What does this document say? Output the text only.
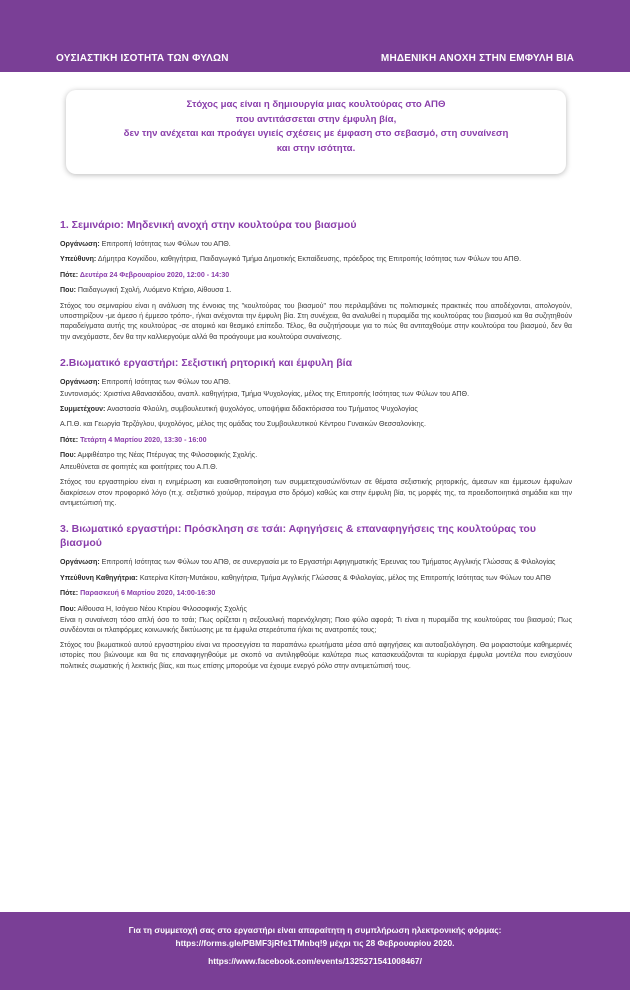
ΟΥΣΙΑΣΤΙΚΗ ΙΣΟΤΗΤΑ ΤΩΝ ΦΥΛΩΝ	ΜΗΔΕΝΙΚΗ ΑΝΟΧΗ ΣΤΗΝ ΕΜΦΥΛΗ ΒΙΑ
Στόχος μας είναι η δημιουργία μιας κουλτούρας στο ΑΠΘ
που αντιτάσσεται στην έμφυλη βία,
δεν την ανέχεται και προάγει υγιείς σχέσεις με έμφαση στο σεβασμό, στη συναίνεση
και στην ισότητα.
1. Σεμινάριο: Μηδενική ανοχή στην κουλτούρα του βιασμού
Οργάνωση: Επιτροπή Ισότητας των Φύλων του ΑΠΘ.
Υπεύθυνη: Δήμητρα Κογκίδου, καθηγήτρια, Παιδαγωγικό Τμήμα Δημοτικής Εκπαίδευσης, πρόεδρος της Επιτροπής Ισότητας των Φύλων του ΑΠΘ.
Πότε: Δευτέρα 24 Φεβρουαρίου 2020, 12:00 - 14:30
Που: Παιδαγωγική Σχολή, Λυόμενο Κτήριο, Αίθουσα 1.
Στόχος του σεμιναρίου είναι η ανάλυση της έννοιας της "κουλτούρας του βιασμού" που περιλαμβάνει τις πολιτισμικές πρακτικές που αποδέχονται, απολογούν, υποστηρίζουν -με άμεσο ή έμμεσο τρόπο-, ή/και ανέχονται την έμφυλη βία. Στη συνέχεια, θα αναλυθεί η πυραμίδα της κουλτούρας του βιασμού και θα συζητηθούν παραδείγματα αυτής της κουλτούρας -σε ατομικό και θεσμικό επίπεδο. Τέλος, θα συζητήσουμε για το πώς θα αντιταχθούμε στην κουλτούρα του βιασμού, δεν θα την ανεχόμαστε, δεν θα την καλλιεργούμε αλλά θα προάγουμε μια κουλτούρα συναίνεσης.
2.Βιωματικό εργαστήρι: Σεξιστική ρητορική και έμφυλη βία
Οργάνωση: Επιτροπή Ισότητας των Φύλων του ΑΠΘ.
Συντονισμός: Χριστίνα Αθανασιάδου, αναπλ. καθηγήτρια, Τμήμα Ψυχολογίας, μέλος της Επιτροπής Ισότητας των Φύλων του ΑΠΘ.
Συμμετέχουν: Αναστασία Φλούλη, συμβουλευτική ψυχολόγος, υποψήφια διδακτόρισσα του Τμήματος Ψυχολογίας
Α.Π.Θ. και Γεωργία Τερζόγλου, ψυχολόγος, μέλος της ομάδας του Συμβουλευτικού Κέντρου Γυναικών Θεσσαλονίκης.
Πότε: Τετάρτη 4 Μαρτίου 2020, 13:30 - 16:00
Που: Αμφιθέατρο της Νέας Πτέρυγας της Φιλοσοφικής Σχολής.
Απευθύνεται σε φοιτητές και φοιτήτριες του Α.Π.Θ.
Στόχος του εργαστηρίου είναι η ενημέρωση και ευαισθητοποίηση των συμμετεχουσών/όντων σε θέματα σεξιστικής ρητορικής, άμεσων και έμμεσων έμφυλων διακρίσεων στον προφορικό λόγο (π.χ. σεξιστικό χιούμορ, πείραγμα στο δρόμο) καθώς και στην έμφυλη βία, τις μορφές της, τα προειδοποιητικά σημάδια και την αντιμετώπισή της.
3. Βιωματικό εργαστήρι: Πρόσκληση σε τσάι: Αφηγήσεις & επαναφηγήσεις της κουλτούρας του βιασμού
Οργάνωση: Επιτροπή Ισότητας των Φύλων του ΑΠΘ, σε συνεργασία με το Εργαστήρι Αφηγηματικής Έρευνας του Τμήματος Αγγλικής Γλώσσας & Φιλολογίας
Υπεύθυνη Καθηγήτρια: Κατερίνα Κίτση-Μυτάκου, καθηγήτρια, Τμήμα Αγγλικής Γλώσσας & Φιλολογίας, μέλος της Επιτροπής Ισότητας των Φύλων του ΑΠΘ
Πότε: Παρασκευή 6 Μαρτίου 2020, 14:00-16:30
Που: Αίθουσα Η, Ισόγειο Νέου Κτιρίου Φιλοσοφικής Σχολής
Είναι η συναίνεση τόσο απλή όσο το τσάι; Πως ορίζεται η σεξουαλική παρενόχληση; Ποιο φύλο αφορά; Τι είναι η πυραμίδα της κουλτούρας του βιασμού; Πως συνδέονται οι πλατφόρμες κοινωνικής δικτύωσης με τα έμφυλα στερεότυπα ή/και τις ανατροπές τους;
Στόχος του βιωματικού αυτού εργαστηρίου είναι να προσεγγίσει τα παραπάνω ερωτήματα μέσα από αφηγήσεις και αυτοαξιολόγηση. Θα μοιραστούμε καθημερινές ιστορίες που βιώνουμε και θα τις επαναφηγηθούμε με σκοπό να αντιληφθούμε καλύτερα πως κατασκευάζονται τα κυρίαρχα έμφυλα μοντέλα που ενισχύουν πολιτικές σωματικής ή λεκτικής βίας, και πως επίσης μπορούμε να έχουμε ενεργό ρόλο στην αντιμετώπισή τους.
Για τη συμμετοχή σας στο εργαστήρι είναι απαραίτητη η συμπλήρωση ηλεκτρονικής φόρμας:
https://forms.gle/PBMF3jRfe1TMnbq!9 μέχρι τις 28 Φεβρουαρίου 2020.
https://www.facebook.com/events/1325271541008467/
